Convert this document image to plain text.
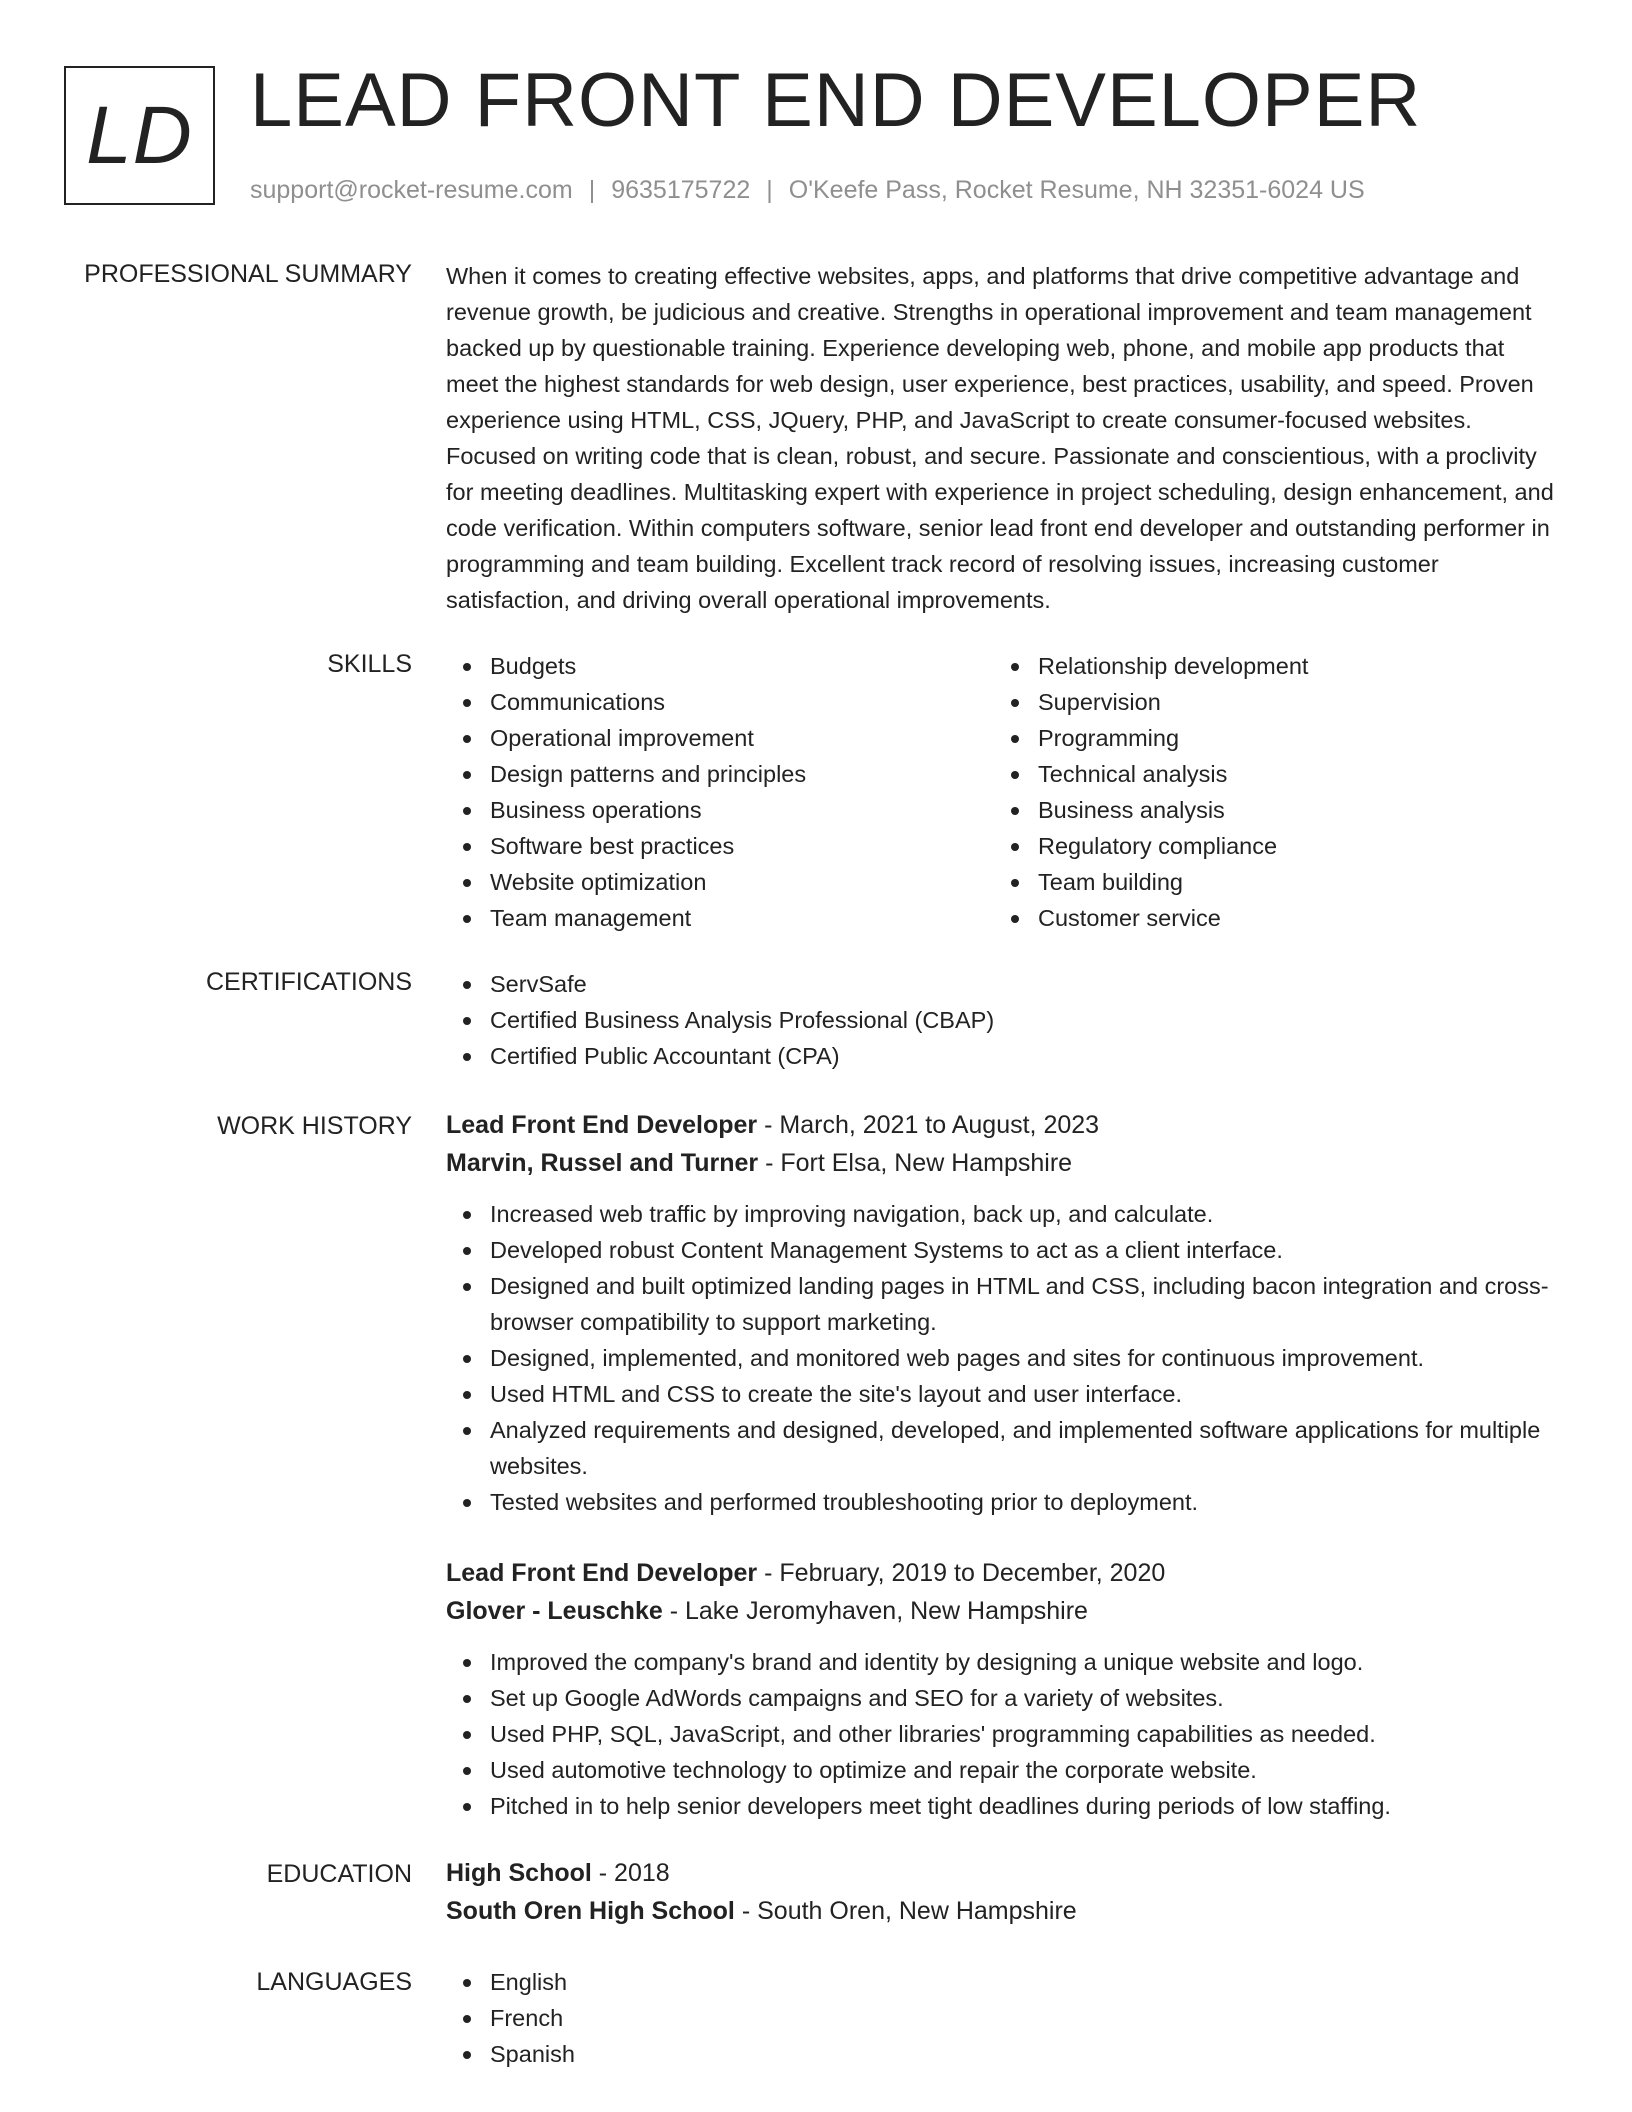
LD LEAD FRONT END DEVELOPER
support@rocket-resume.com | 9635175722 | O'Keefe Pass, Rocket Resume, NH 32351-6024 US
PROFESSIONAL SUMMARY When it comes to creating effective websites, apps, and platforms that drive competitive advantage and revenue growth, be judicious and creative. Strengths in operational improvement and team management backed up by questionable training. Experience developing web, phone, and mobile app products that meet the highest standards for web design, user experience, best practices, usability, and speed. Proven experience using HTML, CSS, JQuery, PHP, and JavaScript to create consumer-focused websites. Focused on writing code that is clean, robust, and secure. Passionate and conscientious, with a proclivity for meeting deadlines. Multitasking expert with experience in project scheduling, design enhancement, and code verification. Within computers software, senior lead front end developer and outstanding performer in programming and team building. Excellent track record of resolving issues, increasing customer satisfaction, and driving overall operational improvements.
SKILLS	Budgets
Communications
Operational improvement
Design patterns and principles
Business operations
Software best practices
Website optimization
Team management
Relationship development
Supervision
Programming
Technical analysis
Business analysis
Regulatory compliance
Team building
Customer service
CERTIFICATIONS	ServSafe
Certified Business Analysis Professional (CBAP)
Certified Public Accountant (CPA)
WORK HISTORY Lead Front End Developer - March, 2021 to August, 2023
Marvin, Russel and Turner - Fort Elsa, New Hampshire
Increased web traffic by improving navigation, back up, and calculate.
Developed robust Content Management Systems to act as a client interface.
Designed and built optimized landing pages in HTML and CSS, including bacon integration and cross-browser compatibility to support marketing.
Designed, implemented, and monitored web pages and sites for continuous improvement.
Used HTML and CSS to create the site's layout and user interface.
Analyzed requirements and designed, developed, and implemented software applications for multiple websites.
Tested websites and performed troubleshooting prior to deployment.
Lead Front End Developer - February, 2019 to December, 2020
Glover - Leuschke - Lake Jeromyhaven, New Hampshire
Improved the company's brand and identity by designing a unique website and logo.
Set up Google AdWords campaigns and SEO for a variety of websites.
Used PHP, SQL, JavaScript, and other libraries' programming capabilities as needed.
Used automotive technology to optimize and repair the corporate website.
Pitched in to help senior developers meet tight deadlines during periods of low staffing.
EDUCATION High School - 2018
South Oren High School - South Oren, New Hampshire
LANGUAGES	English
French
Spanish
